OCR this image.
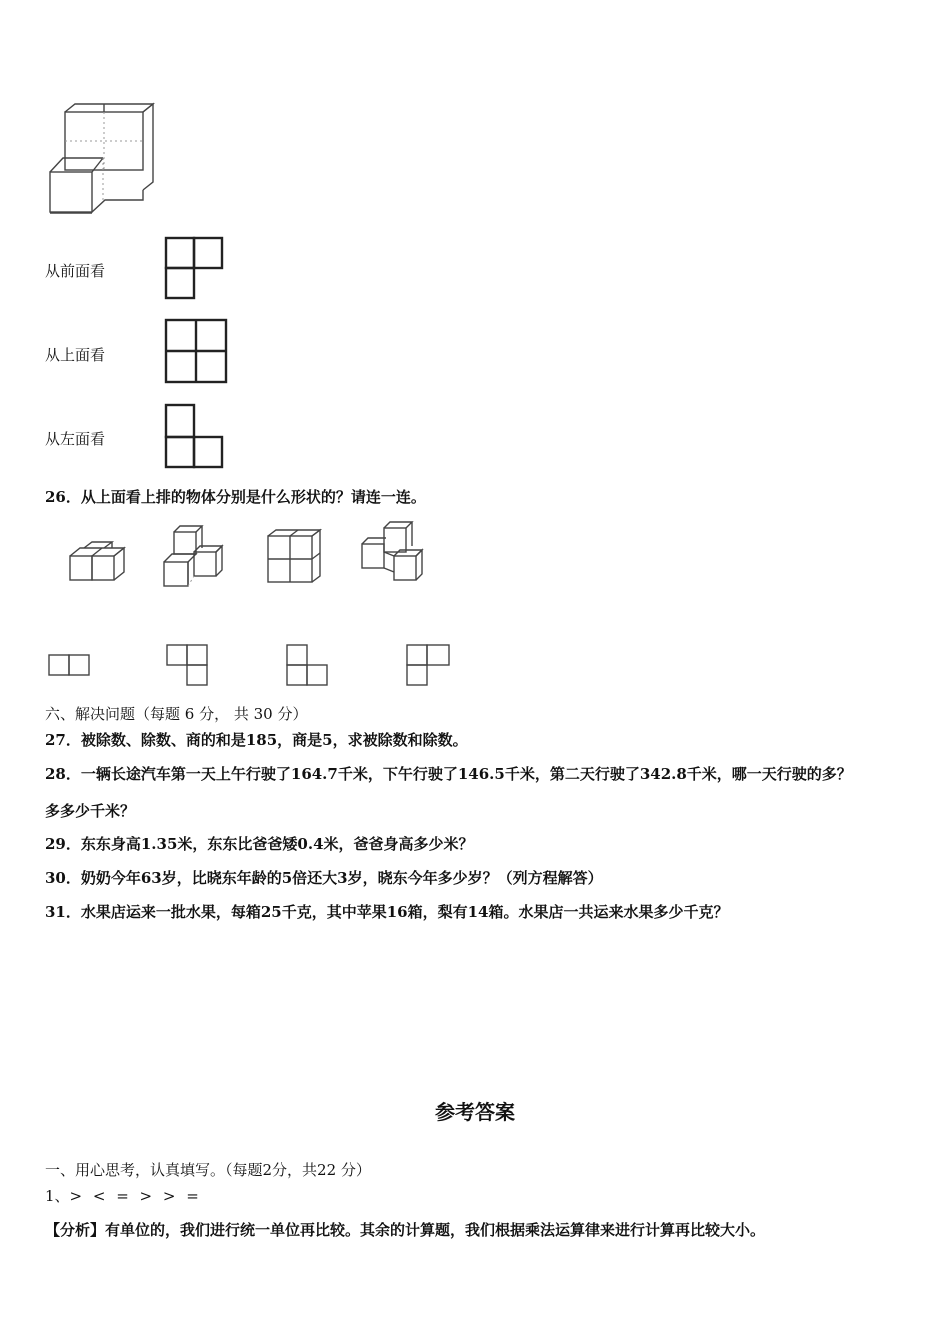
从前面看
从上面看
从左面看
26．从上面看上排的物体分别是什么形状的？请连一连。
六、解决问题（每题 6 分， 共 30 分）
27．被除数、除数、商的和是185，商是5，求被除数和除数。
28．一辆长途汽车第一天上午行驶了164.7千米，下午行驶了146.5千米，第二天行驶了342.8千米，哪一天行驶的多？
多多少千米？
29．东东身高1.35米，东东比爸爸矮0.4米，爸爸身高多少米？
30．奶奶今年63岁，比晓东年龄的5倍还大3岁，晓东今年多少岁？（列方程解答）
31．水果店运来一批水果，每箱25千克，其中苹果16箱，梨有14箱。水果店一共运来水果多少千克？
参考答案
一、用心思考，认真填写。（每题2分，共22 分）
1、> < = > > =
【分析】有单位的，我们进行统一单位再比较。其余的计算题，我们根据乘法运算律来进行计算再比较大小。
